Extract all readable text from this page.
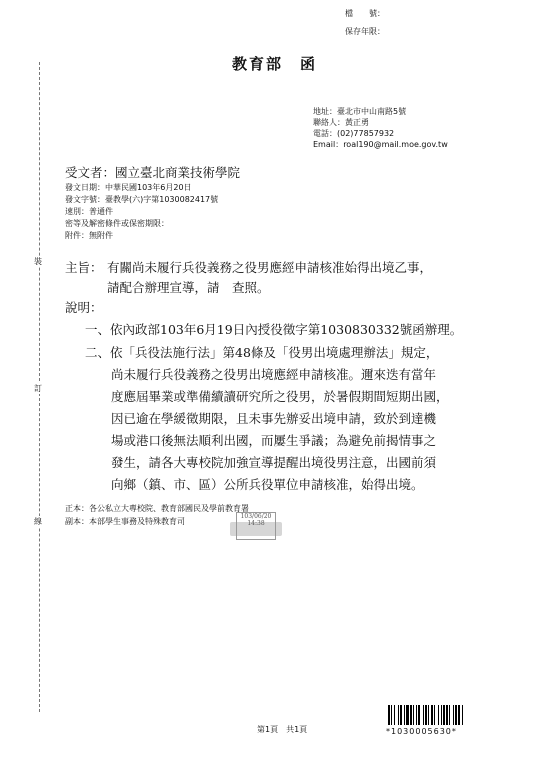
檔　　號：
保存年限：
教育部　函
地址：臺北市中山南路5號
聯絡人：黃正勇
電話：(02)77857932
Email：roal190@mail.moe.gov.tw
受文者：國立臺北商業技術學院
發文日期：中華民國103年6月20日
發文字號：臺教學(六)字第1030082417號
速別：普通件
密等及解密條件或保密期限：
附件：無附件
裝
訂
線
主旨： 有關尚未履行兵役義務之役男應經申請核准始得出境乙事，
請配合辦理宣導，請　查照。
說明：
一、依內政部103年6月19日內授役徵字第1030830332號函辦理。
二、依「兵役法施行法」第48條及「役男出境處理辦法」規定，
尚未履行兵役義務之役男出境應經申請核准。邇來迭有當年
度應屆畢業或準備續讀研究所之役男，於暑假期間短期出國，
因已逾在學緩徵期限，且未事先辦妥出境申請，致於到達機
場或港口後無法順利出國，而屢生爭議；為避免前揭情事之
發生，請各大專校院加強宣導提醒出境役男注意，出國前須
向鄉（鎮、市、區）公所兵役單位申請核准，始得出境。
正本：各公私立大專校院、教育部國民及學前教育署
副本：本部學生事務及特殊教育司
103/06/20
14:38
第1頁　共1頁	*1030005630*
